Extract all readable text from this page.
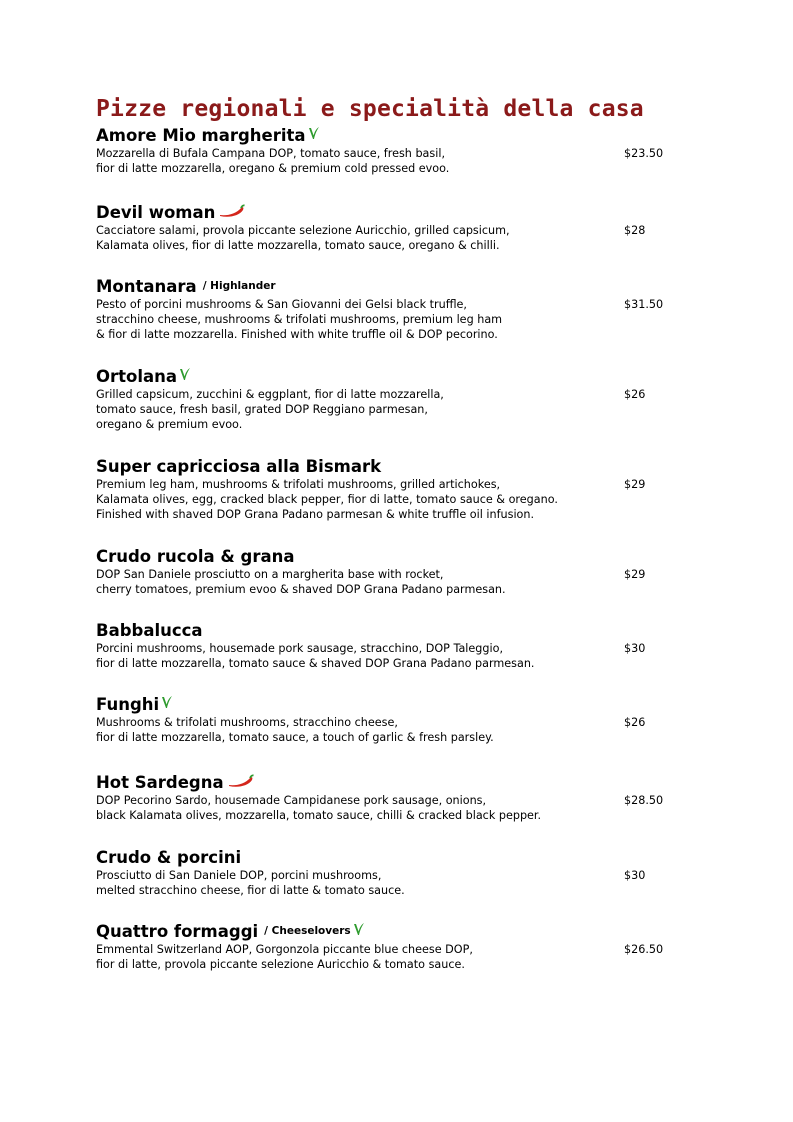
Pizze regionali e specialità della casa
Amore Mio margherita
Mozzarella di Bufala Campana DOP, tomato sauce, fresh basil,
fior di latte mozzarella, oregano & premium cold pressed evoo.
$23.50
Devil woman
Cacciatore salami, provola piccante selezione Auricchio, grilled capsicum,
Kalamata olives, fior di latte mozzarella, tomato sauce, oregano & chilli.
$28
Montanara / Highlander
Pesto of porcini mushrooms & San Giovanni dei Gelsi black truffle,
stracchino cheese, mushrooms & trifolati mushrooms, premium leg ham
& fior di latte mozzarella. Finished with white truffle oil & DOP pecorino.
$31.50
Ortolana
Grilled capsicum, zucchini & eggplant, fior di latte mozzarella,
tomato sauce, fresh basil, grated DOP Reggiano parmesan,
oregano & premium evoo.
$26
Super capricciosa alla Bismark
Premium leg ham, mushrooms & trifolati mushrooms, grilled artichokes,
Kalamata olives, egg, cracked black pepper, fior di latte, tomato sauce & oregano.
Finished with shaved DOP Grana Padano parmesan & white truffle oil infusion.
$29
Crudo rucola & grana
DOP San Daniele prosciutto on a margherita base with rocket,
cherry tomatoes, premium evoo & shaved DOP Grana Padano parmesan.
$29
Babbalucca
Porcini mushrooms, housemade pork sausage, stracchino, DOP Taleggio,
fior di latte mozzarella, tomato sauce & shaved DOP Grana Padano parmesan.
$30
Funghi
Mushrooms & trifolati mushrooms, stracchino cheese,
fior di latte mozzarella, tomato sauce, a touch of garlic & fresh parsley.
$26
Hot Sardegna
DOP Pecorino Sardo, housemade Campidanese pork sausage, onions,
black Kalamata olives, mozzarella, tomato sauce, chilli & cracked black pepper.
$28.50
Crudo & porcini
Prosciutto di San Daniele DOP, porcini mushrooms,
melted stracchino cheese, fior di latte & tomato sauce.
$30
Quattro formaggi / Cheeselovers
Emmental Switzerland AOP, Gorgonzola piccante blue cheese DOP,
fior di latte, provola piccante selezione Auricchio & tomato sauce.
$26.50
